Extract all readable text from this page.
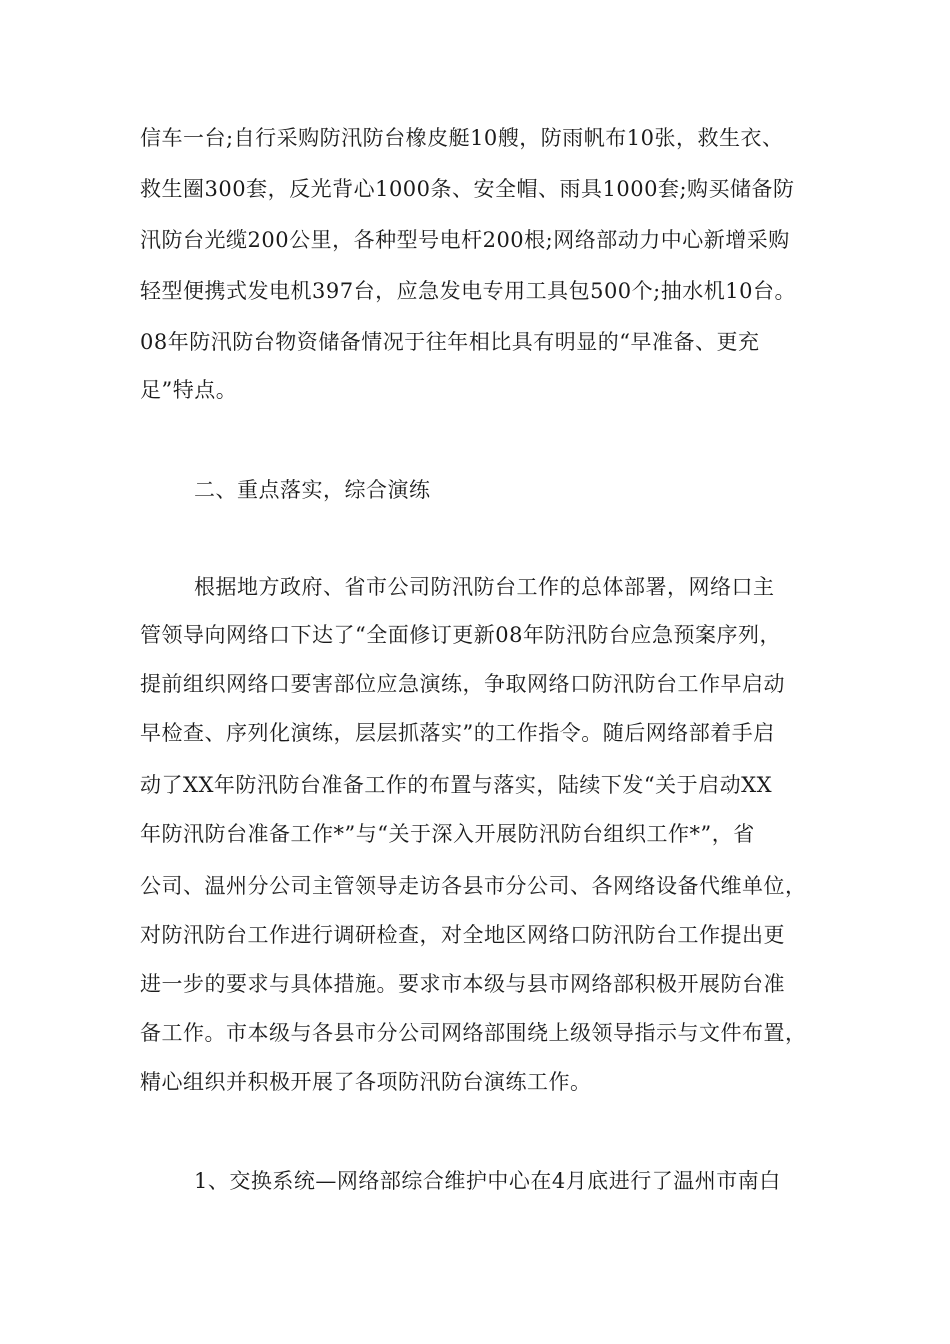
信车一台;自行采购防汛防台橡皮艇10艘，防雨帆布10张，救生衣、
救生圈300套，反光背心1000条、安全帽、雨具1000套;购买储备防
汛防台光缆200公里，各种型号电杆200根;网络部动力中心新增采购
轻型便携式发电机397台，应急发电专用工具包500个;抽水机10台。
08年防汛防台物资储备情况于往年相比具有明显的“早准备、更充
足”特点。
二、重点落实，综合演练
根据地方政府、省市公司防汛防台工作的总体部署，网络口主
管领导向网络口下达了“全面修订更新08年防汛防台应急预案序列，
提前组织网络口要害部位应急演练，争取网络口防汛防台工作早启动
早检查、序列化演练，层层抓落实”的工作指令。随后网络部着手启
动了XX年防汛防台准备工作的布置与落实，陆续下发“关于启动XX
年防汛防台准备工作*”与“关于深入开展防汛防台组织工作*”，省
公司、温州分公司主管领导走访各县市分公司、各网络设备代维单位，
对防汛防台工作进行调研检查，对全地区网络口防汛防台工作提出更
进一步的要求与具体措施。要求市本级与县市网络部积极开展防台准
备工作。市本级与各县市分公司网络部围绕上级领导指示与文件布置，
精心组织并积极开展了各项防汛防台演练工作。
1、交换系统—网络部综合维护中心在4月底进行了温州市南白
